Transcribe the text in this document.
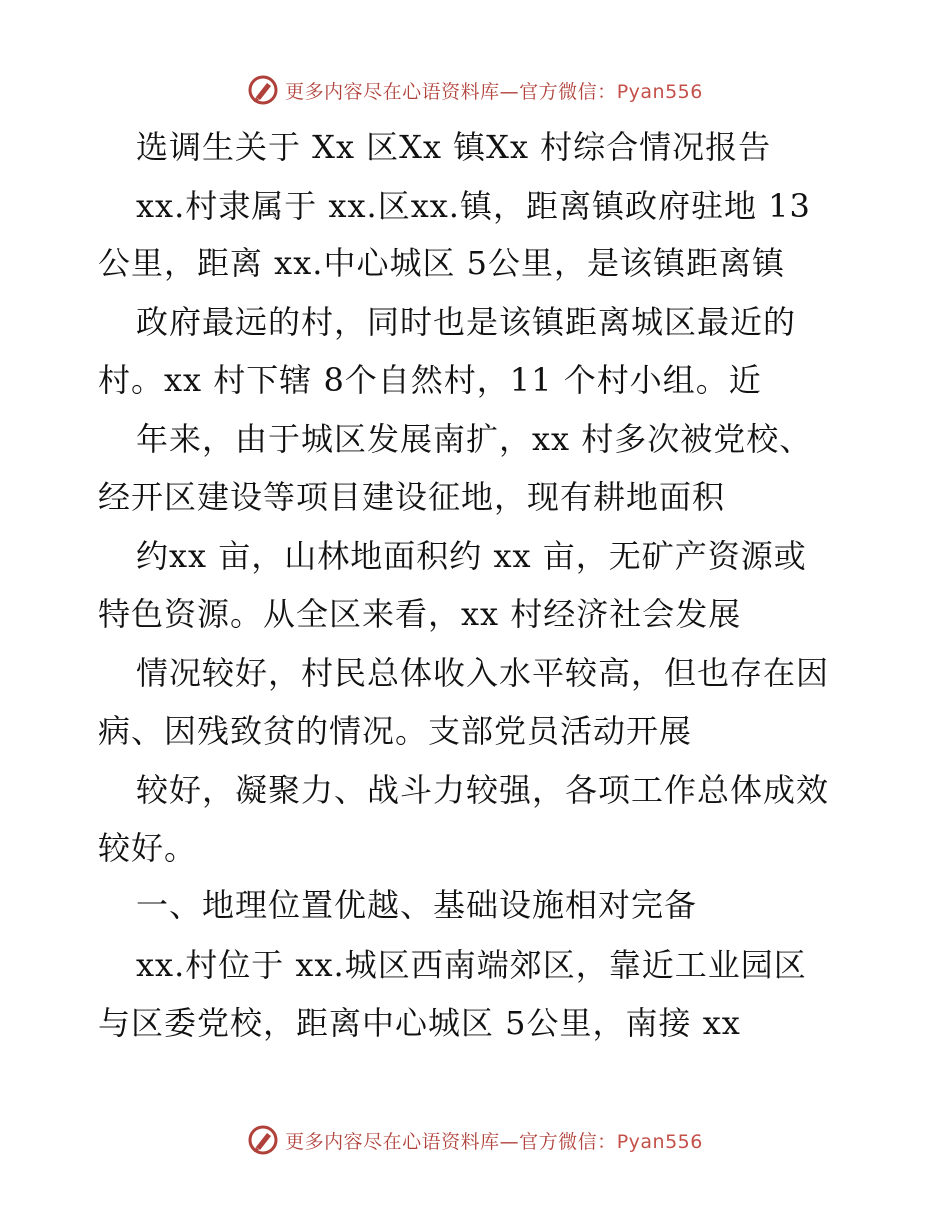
更多内容尽在心语资料库—官方微信：Pyan556
选调生关于 Xx 区Xx 镇Xx 村综合情况报告
xx.村隶属于 xx.区xx.镇，距离镇政府驻地 13
公里，距离 xx.中心城区 5公里，是该镇距离镇
政府最远的村，同时也是该镇距离城区最近的
村。xx 村下辖 8个自然村，11 个村小组。近
年来，由于城区发展南扩，xx 村多次被党校、
经开区建设等项目建设征地，现有耕地面积
约xx 亩，山林地面积约 xx 亩，无矿产资源或
特色资源。从全区来看，xx 村经济社会发展
情况较好，村民总体收入水平较高，但也存在因
病、因残致贫的情况。支部党员活动开展
较好，凝聚力、战斗力较强，各项工作总体成效
较好。
一、地理位置优越、基础设施相对完备
xx.村位于 xx.城区西南端郊区，靠近工业园区
与区委党校，距离中心城区 5公里，南接 xx
更多内容尽在心语资料库—官方微信：Pyan556
